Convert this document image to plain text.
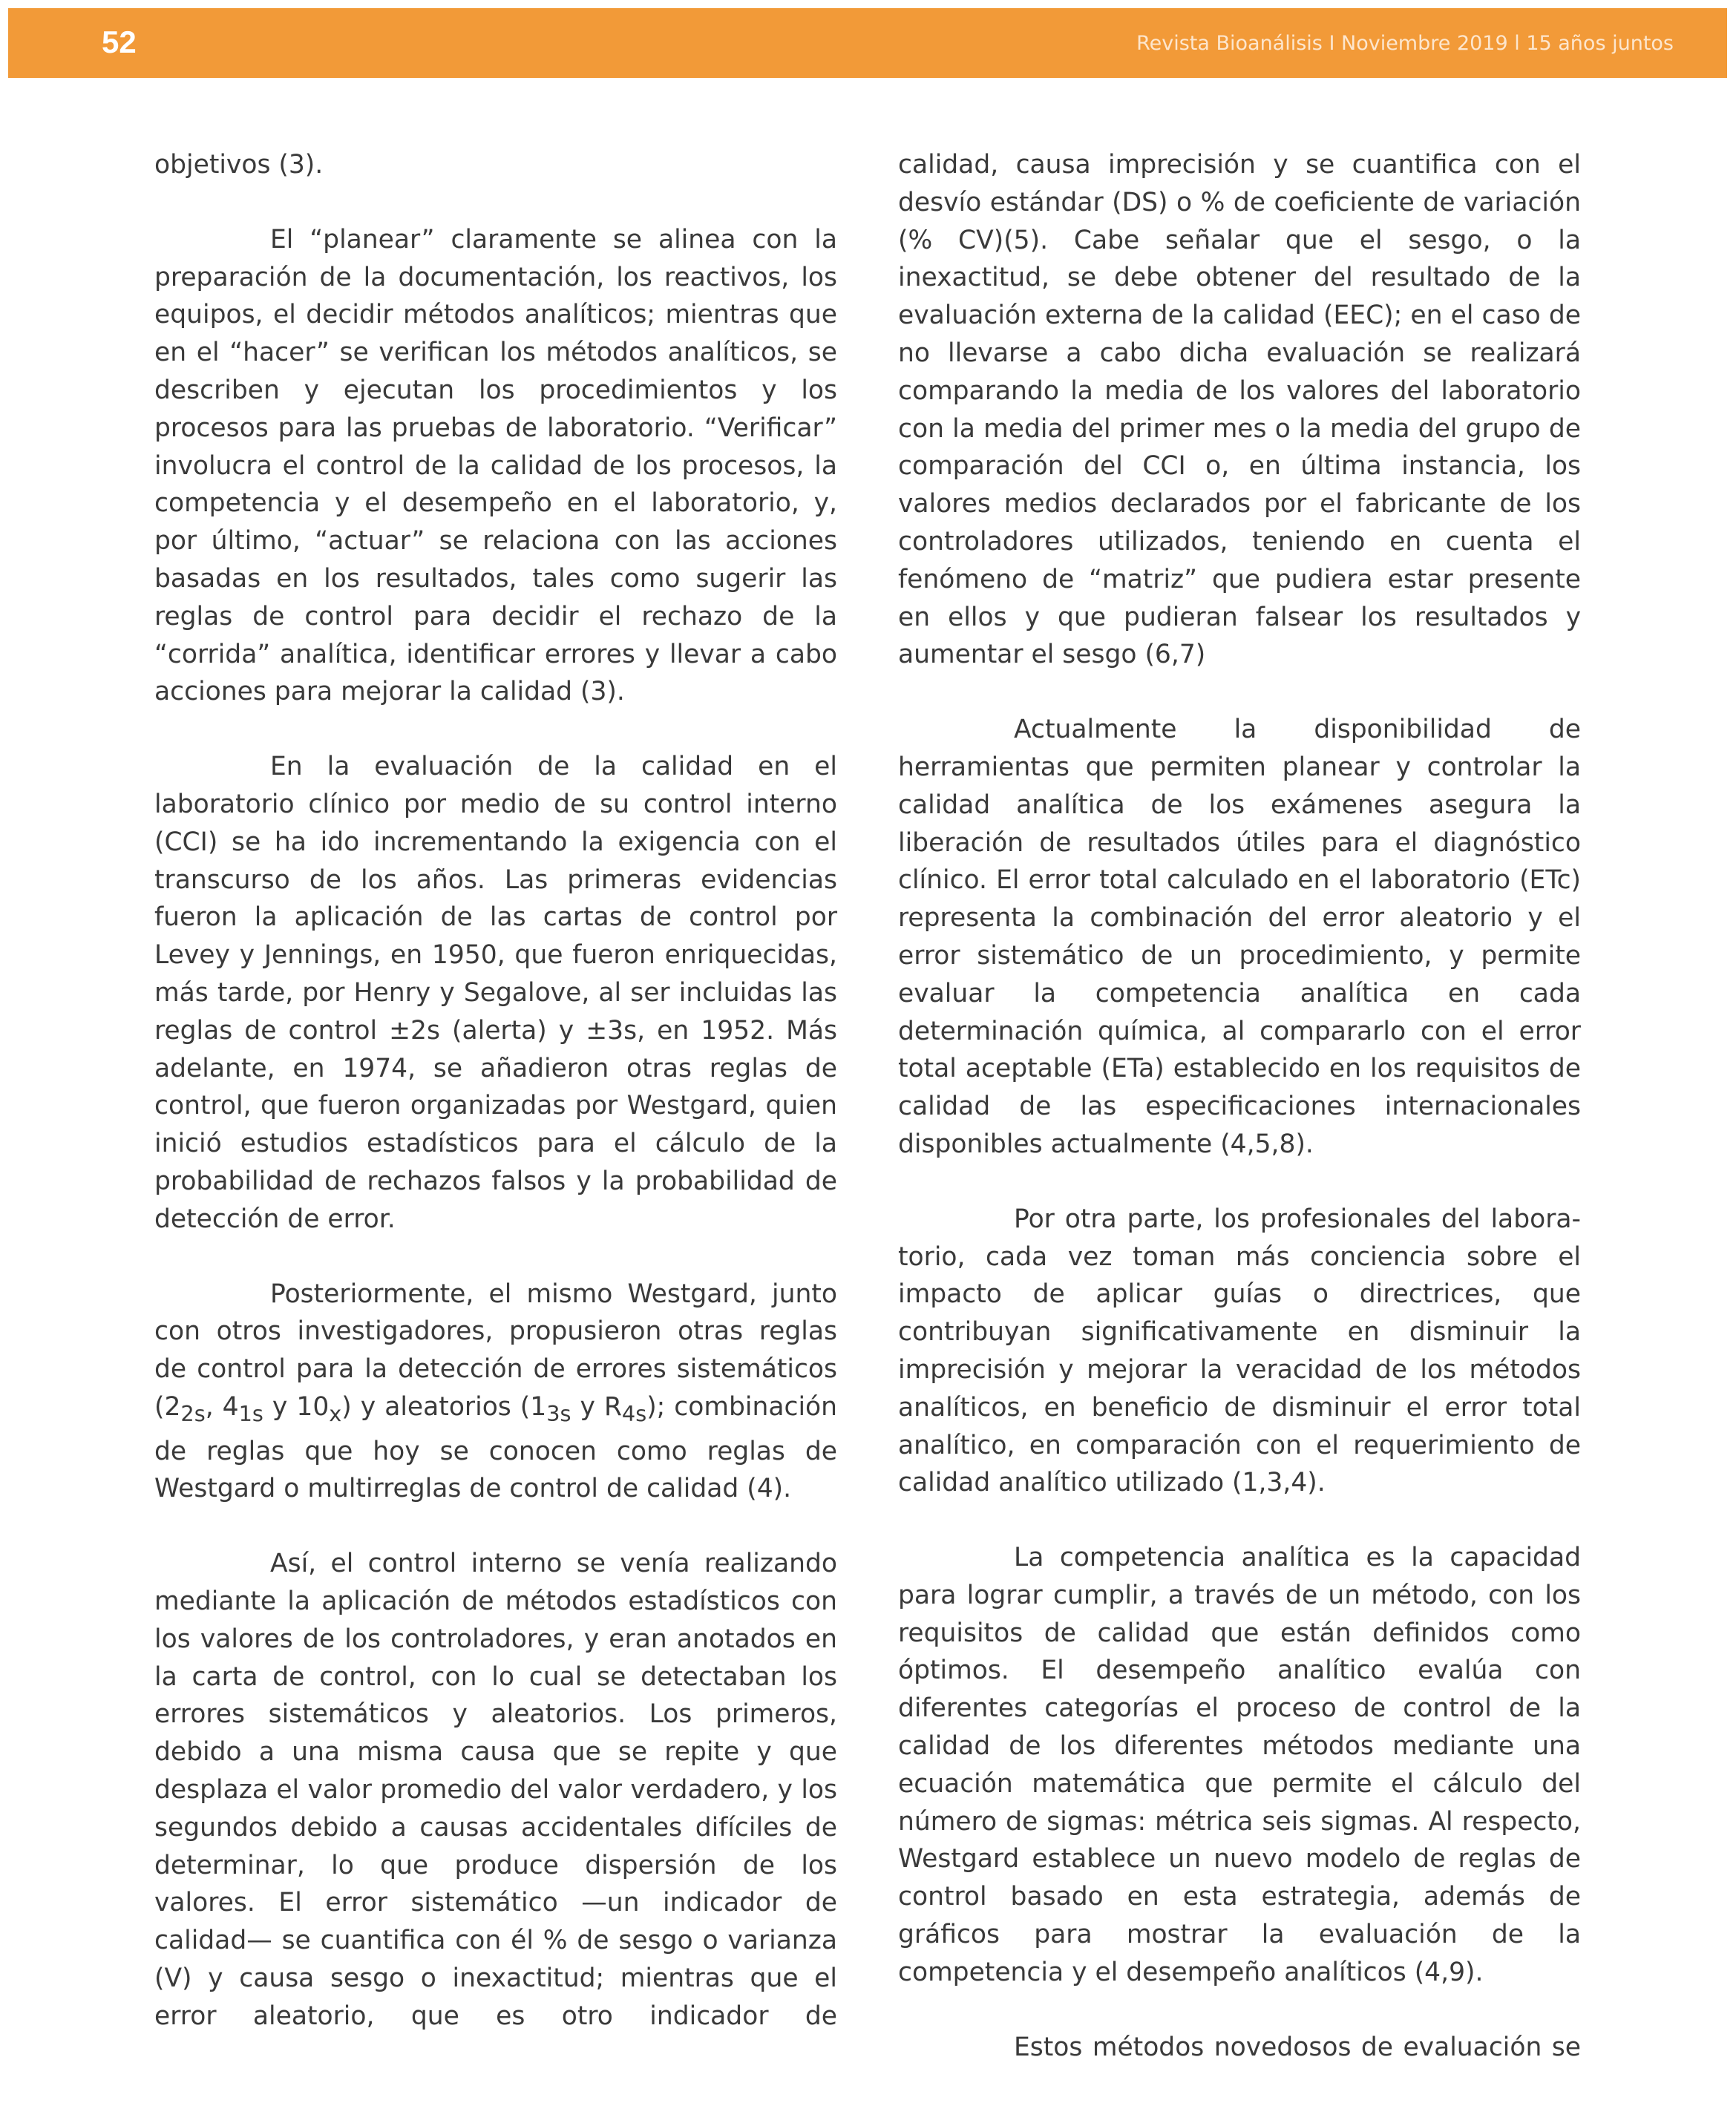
52	Revista Bioanálisis I Noviembre 2019 l 15 años juntos

objetivos (3).

El “planear” claramente se alinea con la preparación de la documentación, los reactivos, los equipos, el decidir métodos analíticos; mientras que en el “hacer” se verifican los métodos analíticos, se describen y ejecutan los procedimientos y los procesos para las pruebas de laboratorio. “Verificar” involucra el control de la calidad de los procesos, la competencia y el desempeño en el laboratorio, y, por último, “actuar” se relaciona con las acciones basadas en los resultados, tales como sugerir las reglas de control para decidir el rechazo de la “corrida” analítica, identificar errores y llevar a cabo acciones para mejorar la calidad (3).

En la evaluación de la calidad en el laboratorio clínico por medio de su control interno (CCI) se ha ido incrementando la exigencia con el transcurso de los años. Las primeras evidencias fueron la aplicación de las cartas de control por Levey y Jennings, en 1950, que fueron enriquecidas, más tarde, por Henry y Segalove, al ser incluidas las reglas de control ±2s (alerta) y ±3s, en 1952. Más adelante, en 1974, se añadieron otras reglas de control, que fueron organizadas por Westgard, quien inició estudios estadísticos para el cálculo de la probabilidad de rechazos falsos y la probabilidad de detección de error.

Posteriormente, el mismo Westgard, junto con otros investigadores, propusieron otras reglas de control para la detección de errores sistemáticos ($2_{2s}$, $4_{1s}$ y $10_x$) y aleatorios ($1_{3s}$ y $R_{4s}$); combinación de reglas que hoy se conocen como reglas de Westgard o multirreglas de control de calidad (4).

Así, el control interno se venía realizando mediante la aplicación de métodos estadísticos con los valores de los controladores, y eran anotados en la carta de control, con lo cual se detectaban los errores sistemáticos y aleatorios. Los primeros, debido a una misma causa que se repite y que desplaza el valor promedio del valor verdadero, y los segundos debido a causas accidentales difíciles de determinar, lo que produce dispersión de los valores. El error sistemático —un indicador de calidad— se cuantifica con él % de sesgo o varianza (V) y causa sesgo o inexactitud; mientras que el error aleatorio, que es otro indicador de

calidad, causa imprecisión y se cuantifica con el desvío estándar (DS) o % de coeficiente de variación (% CV)(5). Cabe señalar que el sesgo, o la inexactitud, se debe obtener del resultado de la evaluación externa de la calidad (EEC); en el caso de no llevarse a cabo dicha evaluación se realizará comparando la media de los valores del laboratorio con la media del primer mes o la media del grupo de comparación del CCI o, en última instancia, los valores medios declarados por el fabricante de los controladores utilizados, teniendo en cuenta el fenómeno de “matriz” que pudiera estar presente en ellos y que pudieran falsear los resultados y aumentar el sesgo (6,7)

Actualmente la disponibilidad de herramientas que permiten planear y controlar la calidad analítica de los exámenes asegura la liberación de resultados útiles para el diagnóstico clínico. El error total calculado en el laboratorio (ETc) representa la combinación del error aleatorio y el error sistemático de un procedimiento, y permite evaluar la competencia analítica en cada determinación química, al compararlo con el error total aceptable (ETa) establecido en los requisitos de calidad de las especificaciones internacionales disponibles actualmente (4,5,8).

Por otra parte, los profesionales del labora-torio, cada vez toman más conciencia sobre el impacto de aplicar guías o directrices, que contribuyan significativamente en disminuir la imprecisión y mejorar la veracidad de los métodos analíticos, en beneficio de disminuir el error total analítico, en comparación con el requerimiento de calidad analítico utilizado (1,3,4).

La competencia analítica es la capacidad para lograr cumplir, a través de un método, con los requisitos de calidad que están definidos como óptimos. El desempeño analítico evalúa con diferentes categorías el proceso de control de la calidad de los diferentes métodos mediante una ecuación matemática que permite el cálculo del número de sigmas: métrica seis sigmas. Al respecto, Westgard establece un nuevo modelo de reglas de control basado en esta estrategia, además de gráficos para mostrar la evaluación de la competencia y el desempeño analíticos (4,9).

Estos métodos novedosos de evaluación se
